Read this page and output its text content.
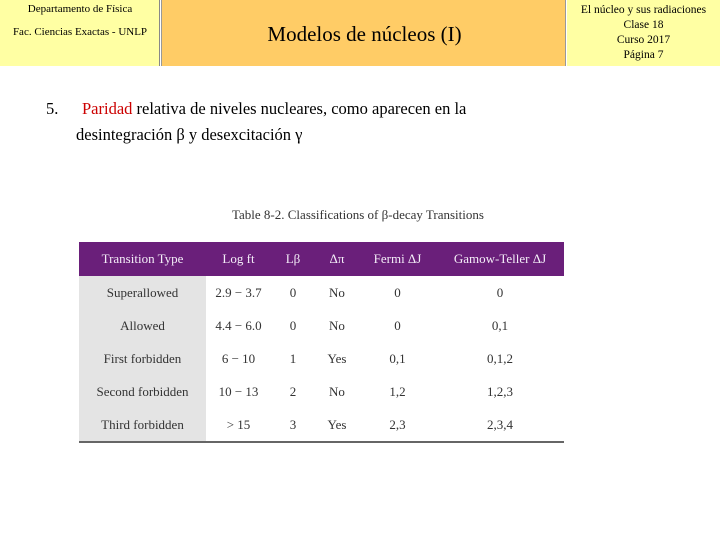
Departamento de Física
Fac. Ciencias Exactas - UNLP	Modelos de núcleos (I)
El núcleo y sus radiaciones
Clase 18
Curso 2017
Página 7
5. Paridad relativa de niveles nucleares, como aparecen en la
desintegración β y desexcitación γ
Table 8-2. Classifications of β-decay Transitions
Transition Type	Log ft	Lβ	Δπ	Fermi ΔJ	Gamow-Teller ΔJ
Superallowed	2.9 − 3.7	0	No	0	0
Allowed	4.4 − 6.0	0	No	0	0,1
First forbidden	6 − 10	1	Yes	0,1	0,1,2
Second forbidden	10 − 13	2	No	1,2	1,2,3
Third forbidden	> 15	3	Yes	2,3	2,3,4
